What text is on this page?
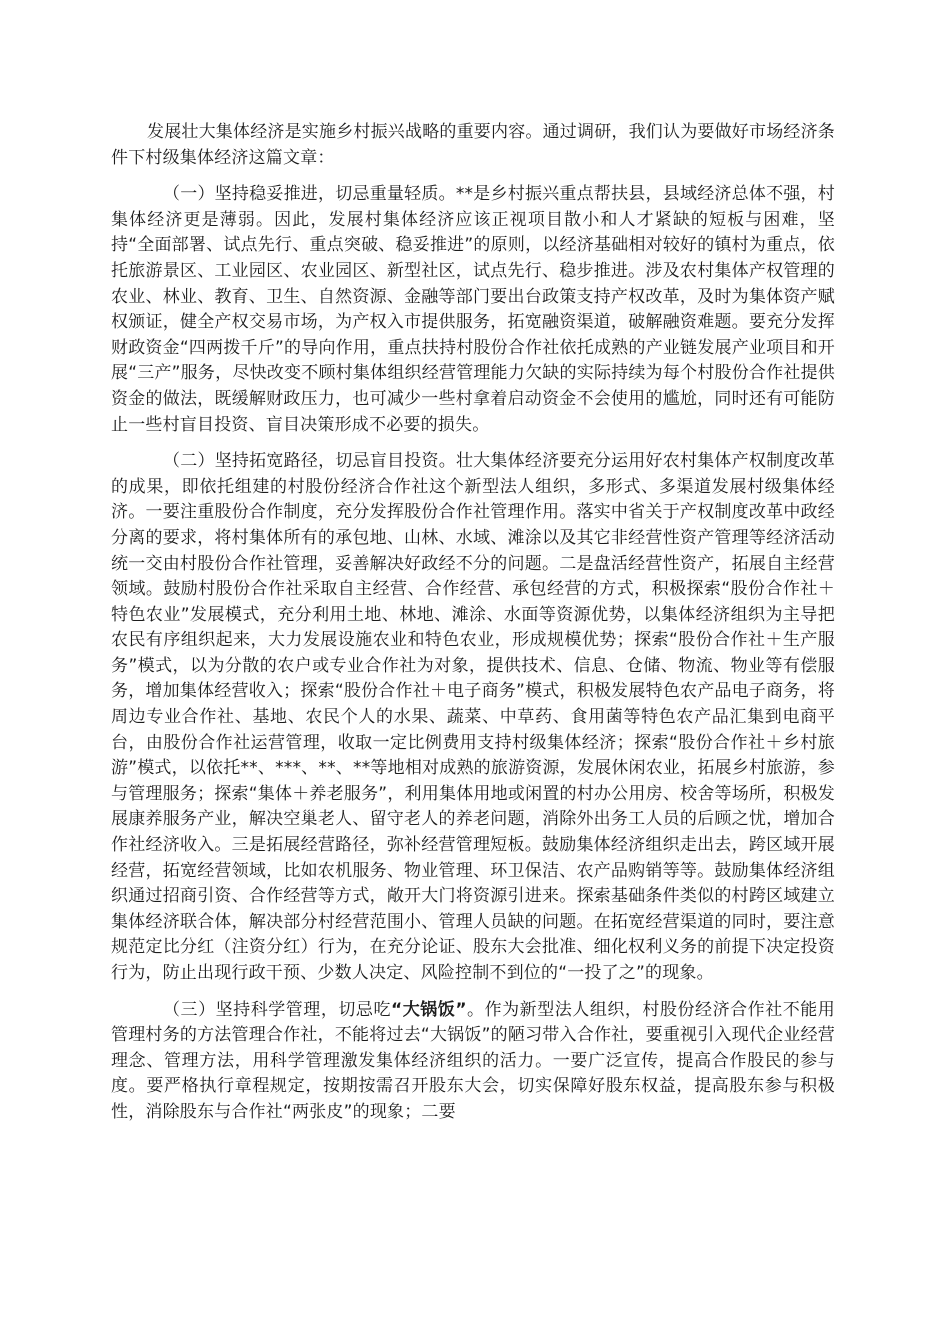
发展壮大集体经济是实施乡村振兴战略的重要内容。通过调研，我们认为要做好市场经济条件下村级集体经济这篇文章：

（一）坚持稳妥推进，切忌重量轻质。**是乡村振兴重点帮扶县，县域经济总体不强，村集体经济更是薄弱。因此，发展村集体经济应该正视项目散小和人才紧缺的短板与困难，坚持“全面部署、试点先行、重点突破、稳妥推进”的原则，以经济基础相对较好的镇村为重点，依托旅游景区、工业园区、农业园区、新型社区，试点先行、稳步推进。涉及农村集体产权管理的农业、林业、教育、卫生、自然资源、金融等部门要出台政策支持产权改革，及时为集体资产赋权颁证，健全产权交易市场，为产权入市提供服务，拓宽融资渠道，破解融资难题。要充分发挥财政资金“四两拨千斤”的导向作用，重点扶持村股份合作社依托成熟的产业链发展产业项目和开展“三产”服务，尽快改变不顾村集体组织经营管理能力欠缺的实际持续为每个村股份合作社提供资金的做法，既缓解财政压力，也可减少一些村拿着启动资金不会使用的尴尬，同时还有可能防止一些村盲目投资、盲目决策形成不必要的损失。

（二）坚持拓宽路径，切忌盲目投资。壮大集体经济要充分运用好农村集体产权制度改革的成果，即依托组建的村股份经济合作社这个新型法人组织，多形式、多渠道发展村级集体经济。一要注重股份合作制度，充分发挥股份合作社管理作用。落实中省关于产权制度改革中政经分离的要求，将村集体所有的承包地、山林、水域、滩涂以及其它非经营性资产管理等经济活动统一交由村股份合作社管理，妥善解决好政经不分的问题。二是盘活经营性资产，拓展自主经营领域。鼓励村股份合作社采取自主经营、合作经营、承包经营的方式，积极探索“股份合作社＋特色农业”发展模式，充分利用土地、林地、滩涂、水面等资源优势，以集体经济组织为主导把农民有序组织起来，大力发展设施农业和特色农业，形成规模优势；探索“股份合作社＋生产服务”模式，以为分散的农户或专业合作社为对象，提供技术、信息、仓储、物流、物业等有偿服务，增加集体经营收入；探索“股份合作社＋电子商务”模式，积极发展特色农产品电子商务，将周边专业合作社、基地、农民个人的水果、蔬菜、中草药、食用菌等特色农产品汇集到电商平台，由股份合作社运营管理，收取一定比例费用支持村级集体经济；探索“股份合作社＋乡村旅游”模式，以依托**、***、**、**等地相对成熟的旅游资源，发展休闲农业，拓展乡村旅游，参与管理服务；探索“集体＋养老服务”，利用集体用地或闲置的村办公用房、校舍等场所，积极发展康养服务产业，解决空巢老人、留守老人的养老问题，消除外出务工人员的后顾之忧，增加合作社经济收入。三是拓展经营路径，弥补经营管理短板。鼓励集体经济组织走出去，跨区域开展经营，拓宽经营领域，比如农机服务、物业管理、环卫保洁、农产品购销等等。鼓励集体经济组织通过招商引资、合作经营等方式，敞开大门将资源引进来。探索基础条件类似的村跨区域建立集体经济联合体，解决部分村经营范围小、管理人员缺的问题。在拓宽经营渠道的同时，要注意规范定比分红（注资分红）行为，在充分论证、股东大会批准、细化权利义务的前提下决定投资行为，防止出现行政干预、少数人决定、风险控制不到位的“一投了之”的现象。

（三）坚持科学管理，切忌吃“大锅饭”。作为新型法人组织，村股份经济合作社不能用管理村务的方法管理合作社，不能将过去“大锅饭”的陋习带入合作社，要重视引入现代企业经营理念、管理方法，用科学管理激发集体经济组织的活力。一要广泛宣传，提高合作股民的参与度。要严格执行章程规定，按期按需召开股东大会，切实保障好股东权益，提高股东参与积极性，消除股东与合作社“两张皮”的现象；二要
